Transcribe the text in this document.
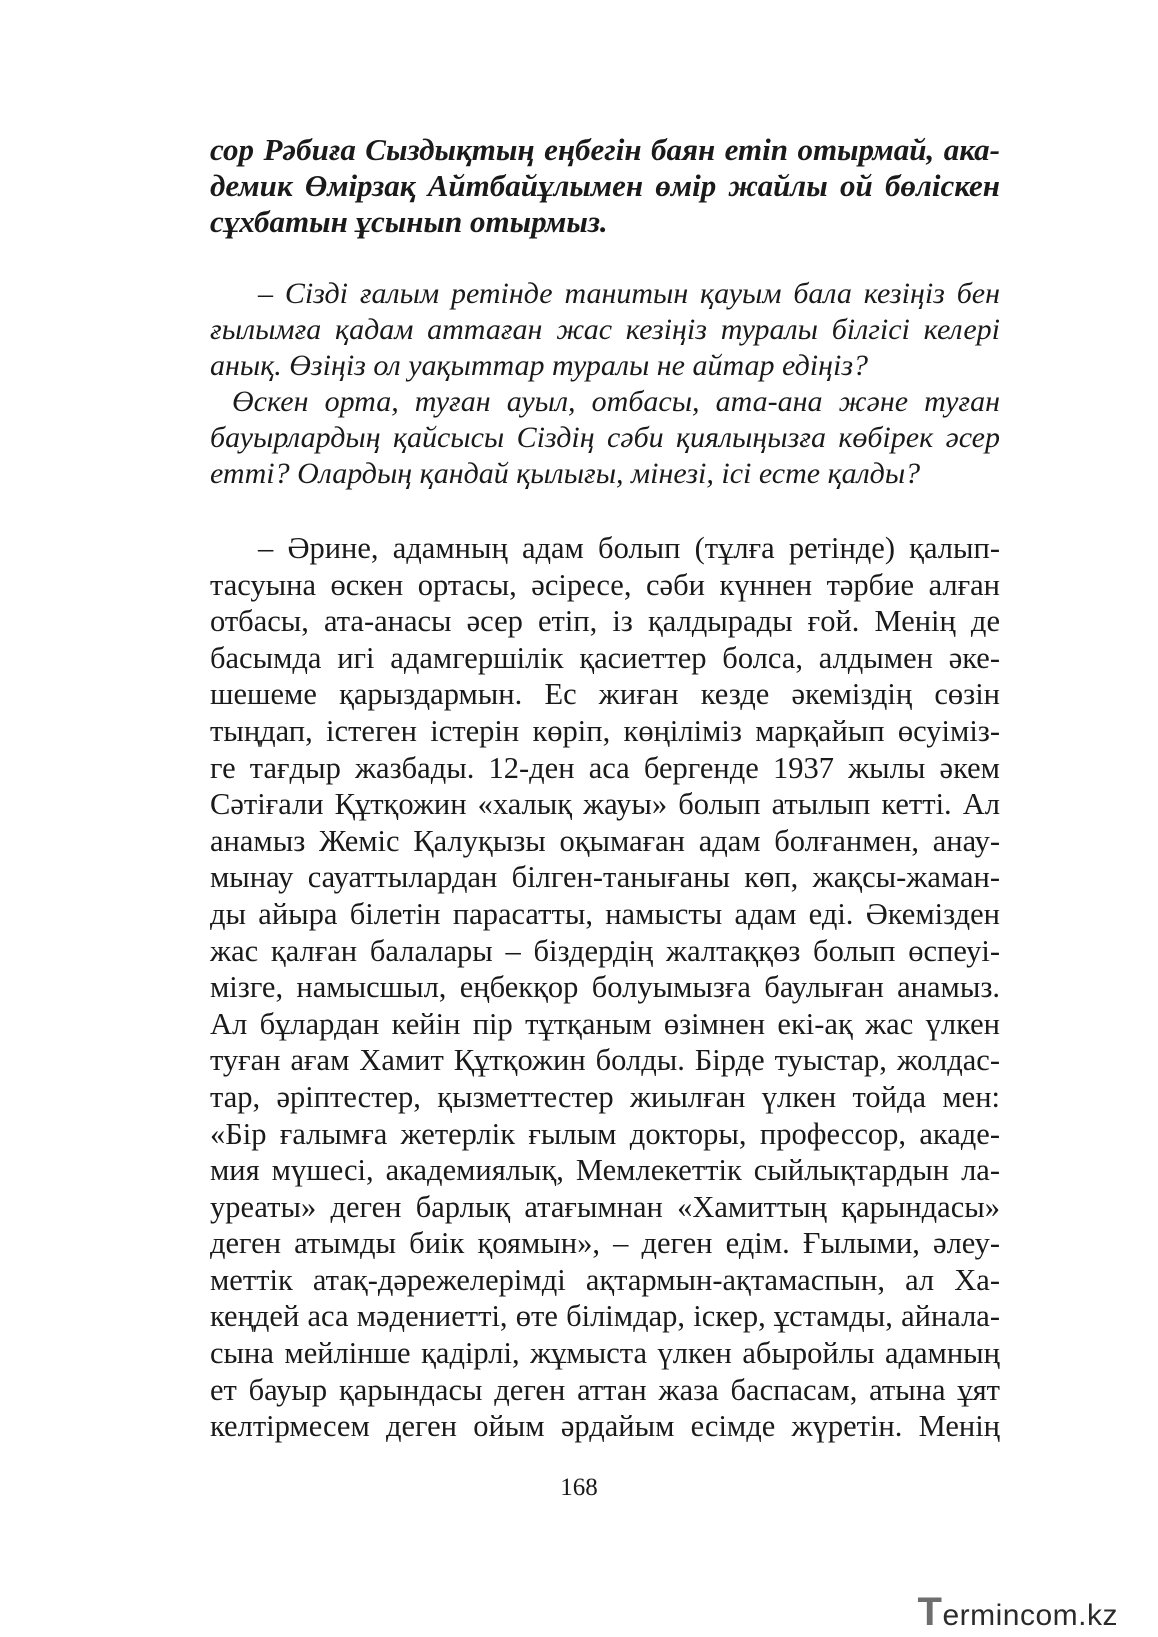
сор Рәбиға Сыздықтың еңбегін баян етіп отырмай, ака-
демик Өмірзақ Айтбайұлымен өмір жайлы ой бөліскен
сұхбатын ұсынып отырмыз.
– Сізді ғалым ретінде танитын қауым бала кезіңіз бен
ғылымға қадам аттаған жас кезіңіз туралы білгісі келері
анық. Өзіңіз ол уақыттар туралы не айтар едіңіз?
Өскен орта, туған ауыл, отбасы, ата-ана және туған
бауырлардың қайсысы Сіздің сәби қиялыңызға көбірек әсер
етті? Олардың қандай қылығы, мінезі, ісі есте қалды?
– Әрине, адамның адам болып (тұлға ретінде) қалып-
тасуына өскен ортасы, әсіресе, сәби күннен тәрбие алған
отбасы, ата-анасы әсер етіп, із қалдырады ғой. Менің де
басымда игі адамгершілік қасиеттер болса, алдымен әке-
шешеме қарыздармын. Ес жиған кезде әкеміздің сөзін
тыңдап, істеген істерін көріп, көңіліміз марқайып өсуіміз-
ге тағдыр жазбады. 12-ден аса бергенде 1937 жылы әкем
Сәтіғали Құтқожин «халық жауы» болып атылып кетті. Ал
анамыз Жеміс Қалуқызы оқымаған адам болғанмен, анау-
мынау сауаттылардан білген-танығаны көп, жақсы-жаман-
ды айыра білетін парасатты, намысты адам еді. Әкемізден
жас қалған балалары – біздердің жалтаққөз болып өспеуі-
мізге, намысшыл, еңбекқор болуымызға баулыған анамыз.
Ал бұлардан кейін пір тұтқаным өзімнен екі-ақ жас үлкен
туған ағам Хамит Құтқожин болды. Бірде туыстар, жолдас-
тар, әріптестер, қызметтестер жиылған үлкен тойда мен:
«Бір ғалымға жетерлік ғылым докторы, профессор, акаде-
мия мүшесі, академиялық, Мемлекеттік сыйлықтардын ла-
уреаты» деген барлық атағымнан «Хамиттың қарындасы»
деген атымды биік қоямын», – деген едім. Ғылыми, әлеу-
меттік атақ-дәрежелерімді ақтармын-ақтамаспын, ал Ха-
кеңдей аса мәдениетті, өте білімдар, іскер, ұстамды, айнала-
сына мейлінше қадірлі, жұмыста үлкен абыройлы адамның
ет бауыр қарындасы деген аттан жаза баспасам, атына ұят
келтірмесем деген ойым әрдайым есімде жүретін. Менің
168
Termincom.kz
